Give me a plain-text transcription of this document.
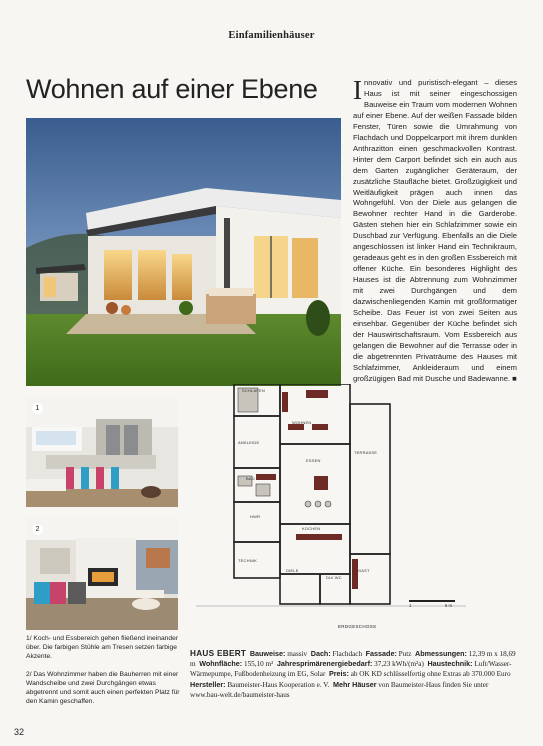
Einfamilienhäuser
Wohnen auf einer Ebene
1
2
Innovativ und puristisch-elegant – dieses Haus ist mit seiner eingeschossigen Bauweise ein Traum vom modernen Wohnen auf einer Ebene. Auf der weißen Fassade bilden Fenster, Türen sowie die Umrahmung von Flachdach und Doppelcarport mit ihrem dunklen Anthrazitton einen geschmackvollen Kontrast. Hinter dem Carport befindet sich ein auch aus dem Garten zugänglicher Geräteraum, der zusätzliche Staufläche bietet. Großzügigkeit und Weitläufigkeit prägen auch innen das Wohngefühl. Von der Diele aus gelangen die Bewohner rechter Hand in die Garderobe. Gästen stehen hier ein Schlafzimmer sowie ein Duschbad zur Verfügung. Ebenfalls an die Diele angeschlossen ist linker Hand ein Technikraum, geradeaus geht es in den großen Essbereich mit offener Küche. Ein besonderes Highlight des Hauses ist die Abtrennung zum Wohnzimmer mit zwei Durchgängen und dem dazwischenliegenden Kamin mit großformatiger Scheibe. Das Feuer ist von zwei Seiten aus einsehbar. Gegenüber der Küche befindet sich der Hauswirtschaftsraum. Vom Essbereich aus gelangen die Bewohner auf die Terrasse oder in die abgetrennten Privaträume des Hauses mit Schlafzimmer, Ankleideraum und einem großzügigen Bad mit Dusche und Badewanne. ■
SCHLAFEN
WOHNEN
ANKLEIDE
ESSEN
TERRASSE
BAD
HWR
KOCHEN
TECHNIK
DIELE
DU/ WC
GAST
1	5 m
ERDGESCHOSS
1/ Koch- und Essbereich gehen fließend ineinander über. Die farbigen Stühle am Tresen setzen farbige Akzente.
2/ Das Wohnzimmer haben die Bauherren mit einer Wandscheibe und zwei Durchgängen etwas abgetrennt und somit auch einen perfekten Platz für den Kamin geschaffen.
HAUS EBERT Bauweise: massiv Dach: Flachdach Fassade: Putz Abmessungen: 12,39 m x 18,69 m Wohnfläche: 155,10 m² Jahresprimärenergiebedarf: 37,23 kWh/(m²a) Haustechnik: Luft/Wasser-Wärmepumpe, Fußbodenheizung im EG, Solar Preis: ab OK KD schlüsselfertig ohne Extras ab 370.000 Euro  Hersteller: Baumeister-Haus Kooperation e. V. Mehr Häuser von Baumeister-Haus finden Sie unter www.bau-welt.de/baumeister-haus
32
